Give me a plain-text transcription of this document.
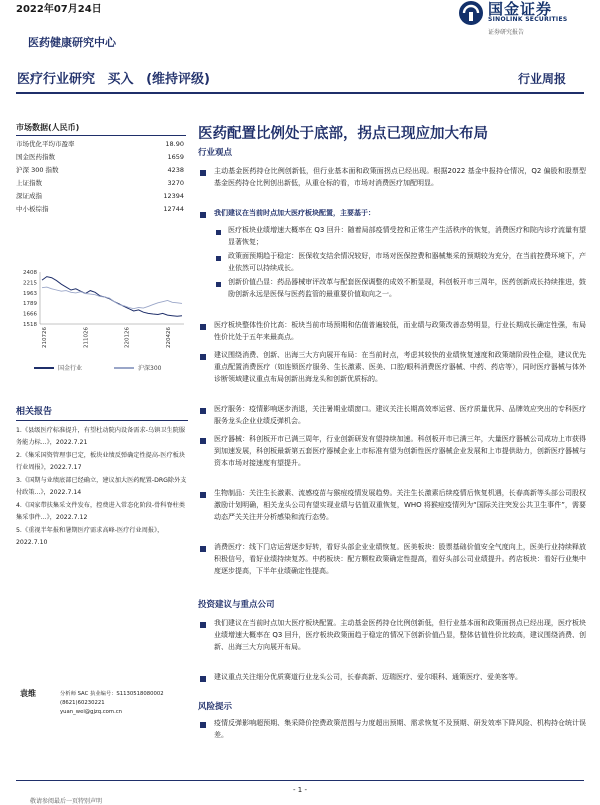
2022年07月24日	国金证券
SINOLINK SECURITIES
证券研究报告
医药健康研究中心
医疗行业研究 买入 (维持评级)	行业周报
市场数据(人民币)
市场优化平均市盈率	18.90
国金医药指数	1659
沪深 300 指数	4238
上证指数	3270
深证成指	12394
中小板综指	12744
2408
2215
1963
1789
1666
1518
210726	211026	220126	220426
国金行业	沪深300
相关报告
1.《县级医疗标准提升，有望杜动院内设备需求-乌镇卫生院服务能力标...》，2022.7.21
2.《集采国资管理事已定，板块业绩反弹确定性提高-医疗板块行业周报》，2022.7.17
3.《国期与业绩底部已经确立，建议加大医药配置-DRG除外支付政策...》，2022.7.14
4.《国家带扶集采文件发布，控费进入常态化阶段-骨科脊柱类集采事件...》，2022.7.12
5.《重视半年报和暑期医疗需求高峰-医疗行业周报》，2022.7.10
袁维	分析师 SAC 执业编号：S1130518080002
(8621)60230221
yuan_wei@gjzq.com.cn
医药配置比例处于底部，拐点已现应加大布局
行业观点
主动基金医药持仓比例创新低，但行业基本面和政策面拐点已经出现。根据2022 基金中报持仓情况，Q2 偏股和股票型基金医药持仓比例创出新低，从重仓标的看，市场对消费医疗加配明显。
我们建议在当前时点加大医疗板块配置，主要基于：
医疗板块业绩增速大概率在 Q3 回升：随着局部疫情受控和正常生产生活秩序的恢复，消费医疗和院内诊疗流量有望显著恢复；
政策面预期趋于稳定：医保收支结余情况较好，市场对医保控费和器械集采的预期较为充分，在当前控费环境下，产业依然可以持续成长。
创新价值凸显：药品器械审评改革与配套医保调整的成效不断显现，科创板开市三周年，医药创新成长持续推进，鼓励创新永远是医保与医药监管的最重要价值取向之一。
医疗板块整体性价比高：板块当前市场预期和估值普遍较低，而业绩与政策改善态势明显，行业长期成长确定性强，布局性价比处于五年来最高点。
建议围绕消费、创新、出海三大方向展开布局：在当前时点，考虑其较快的业绩恢复速度和政策端阶段性企稳，建议优先重点配置消费医疗（如连锁医疗服务、生长激素、医美、口腔/眼科消费医疗器械、中药、药店等），同时医疗器械与体外诊断领域建议重点布局创新出海龙头和创新优质标的。
医疗服务：疫情影响逐步消退，关注暑期业绩窗口。建议关注长期高效率运营、医疗质量优异、品牌效应突出的专科医疗服务龙头企业业绩反弹机会。
医疗器械：科创板开市已满三周年，行业创新研发有望持续加速。科创板开市已满三年，大量医疗器械公司成功上市获得到加速发展，科创板最新第五套医疗器械企业上市标准有望为创新性医疗器械企业发展和上市提供助力，创新医疗器械与资本市场对接速度有望提升。
生物制品：关注生长激素、流感疫苗与猴痘疫情发展趋势。关注生长激素后续疫情后恢复机遇，长春高新等头部公司股权激励计划明确，相关龙头公司有望实现业绩与估值双重恢复，WHO 将猴痘疫情列为“国际关注突发公共卫生事件”，需要动态严关关注并分析感染和流行态势。
消费医疗：线下门店运营逐步好转，看好头部企业业绩恢复。医美板块：股票基础价值安全气度向上，医美行业持续释放积极信号，看好业绩持续复苏。中药板块：配方颗粒政策确定性提高，看好头部公司业绩提升。药店板块：看好行业集中度逐步提高，下半年业绩确定性提高。
投资建议与重点公司
我们建议在当前时点加大医疗板块配置。主动基金医药持仓比例创新低，但行业基本面和政策面拐点已经出现，医疗板块业绩增速大概率在 Q3 回升，医疗板块政策面趋于稳定的情况下创新价值凸显，整体估值性价比较高，建议围绕消费、创新、出海三大方向展开布局。
建议重点关注细分优质赛道行业龙头公司，长春高新、迈瑞医疗、爱尔眼科、通策医疗、爱美客等。
风险提示
疫情反弹影响超预期、集采降价控费政策范围与力度超出预期、需求恢复不及预期、研发效率下降风险、机构持仓统计误差。
- 1 -
敬请参阅最后一页特别声明
